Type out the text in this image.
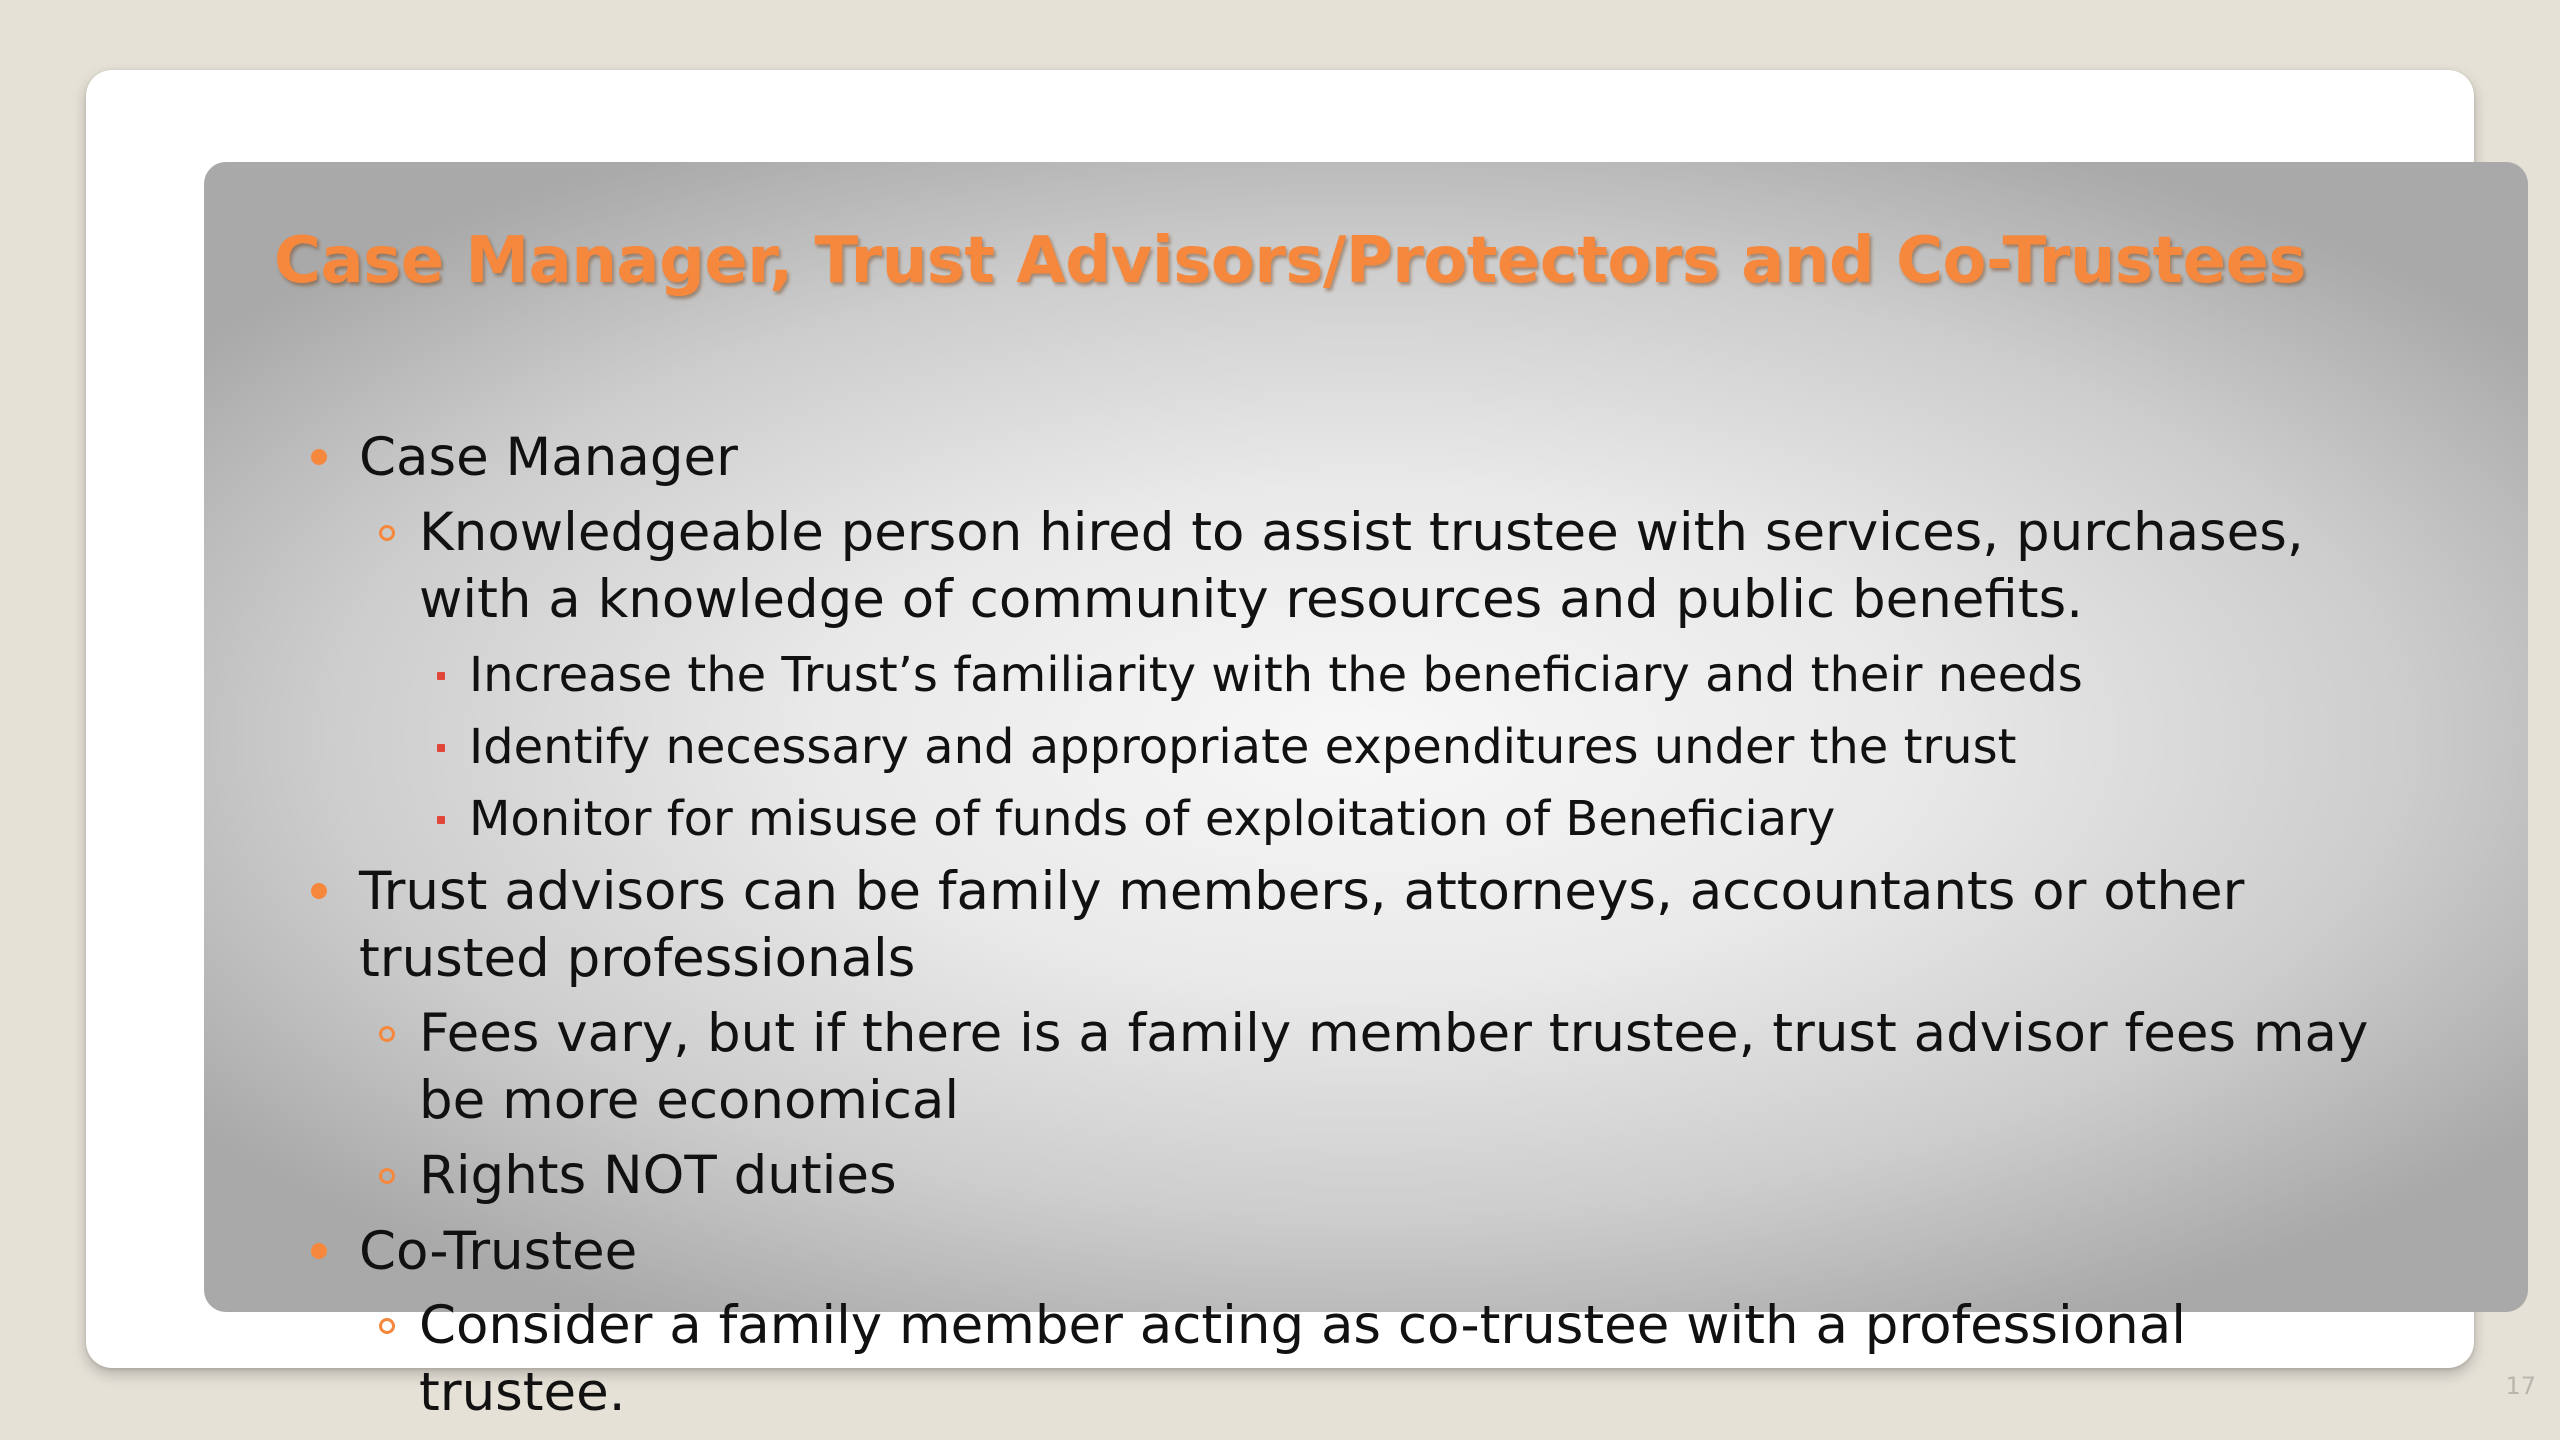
Case Manager, Trust Advisors/Protectors and Co-Trustees
Case Manager
Knowledgeable person hired to assist trustee with services, purchases, with a knowledge of community resources and public benefits.
Increase the Trust’s familiarity with the beneficiary and their needs
Identify necessary and appropriate expenditures under the trust
Monitor for misuse of funds of exploitation of Beneficiary
Trust advisors can be family members, attorneys, accountants or other trusted professionals
Fees vary, but if there is a family member trustee, trust advisor fees may be more economical
Rights NOT duties
Co-Trustee
Consider a family member acting as co-trustee with a professional trustee.	17
